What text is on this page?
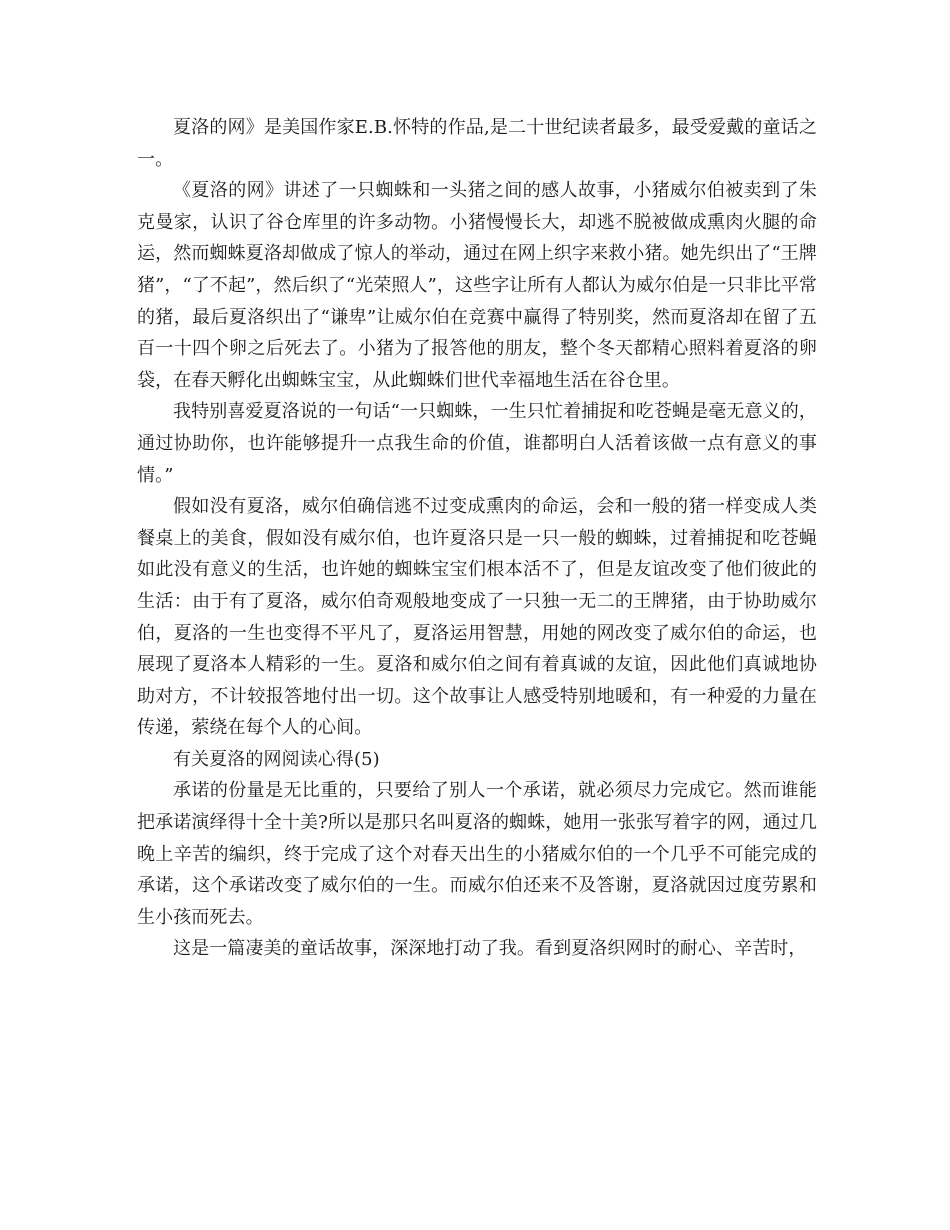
夏洛的网》是美国作家E.B.怀特的作品,是二十世纪读者最多，最受爱戴的童话之一。

《夏洛的网》讲述了一只蜘蛛和一头猪之间的感人故事，小猪威尔伯被卖到了朱克曼家，认识了谷仓库里的许多动物。小猪慢慢长大，却逃不脱被做成熏肉火腿的命运，然而蜘蛛夏洛却做成了惊人的举动，通过在网上织字来救小猪。她先织出了“王牌猪”，“了不起”，然后织了“光荣照人”，这些字让所有人都认为威尔伯是一只非比平常的猪，最后夏洛织出了“谦卑”让威尔伯在竞赛中赢得了特别奖，然而夏洛却在留了五百一十四个卵之后死去了。小猪为了报答他的朋友，整个冬天都精心照料着夏洛的卵袋，在春天孵化出蜘蛛宝宝，从此蜘蛛们世代幸福地生活在谷仓里。

我特别喜爱夏洛说的一句话“一只蜘蛛，一生只忙着捕捉和吃苍蝇是毫无意义的，通过协助你，也许能够提升一点我生命的价值，谁都明白人活着该做一点有意义的事情。”

假如没有夏洛，威尔伯确信逃不过变成熏肉的命运，会和一般的猪一样变成人类餐桌上的美食，假如没有威尔伯，也许夏洛只是一只一般的蜘蛛，过着捕捉和吃苍蝇如此没有意义的生活，也许她的蜘蛛宝宝们根本活不了，但是友谊改变了他们彼此的生活：由于有了夏洛，威尔伯奇观般地变成了一只独一无二的王牌猪，由于协助威尔伯，夏洛的一生也变得不平凡了，夏洛运用智慧，用她的网改变了威尔伯的命运，也展现了夏洛本人精彩的一生。夏洛和威尔伯之间有着真诚的友谊，因此他们真诚地协助对方，不计较报答地付出一切。这个故事让人感受特别地暖和，有一种爱的力量在传递，萦绕在每个人的心间。

有关夏洛的网阅读心得(5)

承诺的份量是无比重的，只要给了别人一个承诺，就必须尽力完成它。然而谁能把承诺演绎得十全十美?所以是那只名叫夏洛的蜘蛛，她用一张张写着字的网，通过几晚上辛苦的编织，终于完成了这个对春天出生的小猪威尔伯的一个几乎不可能完成的承诺，这个承诺改变了威尔伯的一生。而威尔伯还来不及答谢，夏洛就因过度劳累和生小孩而死去。

这是一篇凄美的童话故事，深深地打动了我。看到夏洛织网时的耐心、辛苦时，
